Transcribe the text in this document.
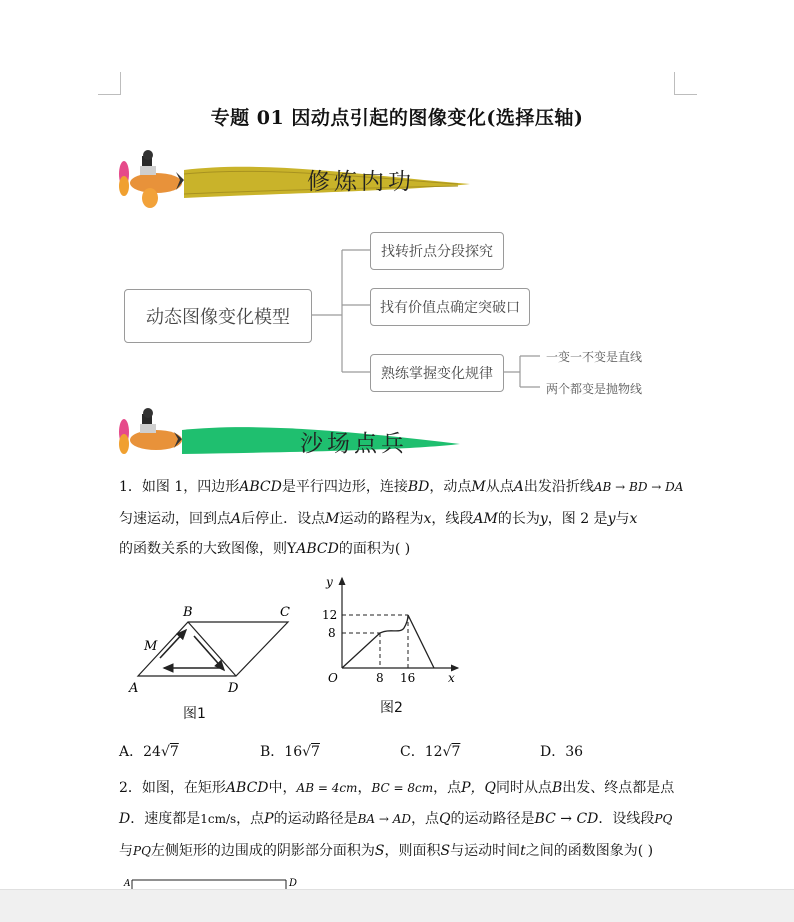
专题 01 因动点引起的图像变化(选择压轴)
修炼内功
动态图像变化模型
找转折点分段探究
找有价值点确定突破口
熟练掌握变化规律
一变一不变是直线
两个都变是抛物线
沙场点兵
1．如图 1，四边形ABCD是平行四边形，连接BD，动点M从点A出发沿折线AB → BD → DA
匀速运动，回到点A后停止．设点M运动的路程为x，线段AM的长为y，图 2 是y与x
的函数关系的大致图像，则YABCD的面积为( )
A
B	C
D
M
图1
y
x
O
12
8
8 16
图2
A．24√7	B．16√7	C．12√7	D．36
2．如图，在矩形ABCD中，AB = 4cm，BC = 8cm，点P，Q同时从点B出发、终点都是点
D．速度都是1cm/s，点P的运动路径是BA → AD，点Q的运动路径是BC → CD．设线段PQ
与PQ左侧矩形的边围成的阴影部分面积为S，则面积S与运动时间t之间的函数图象为( )
A	D
